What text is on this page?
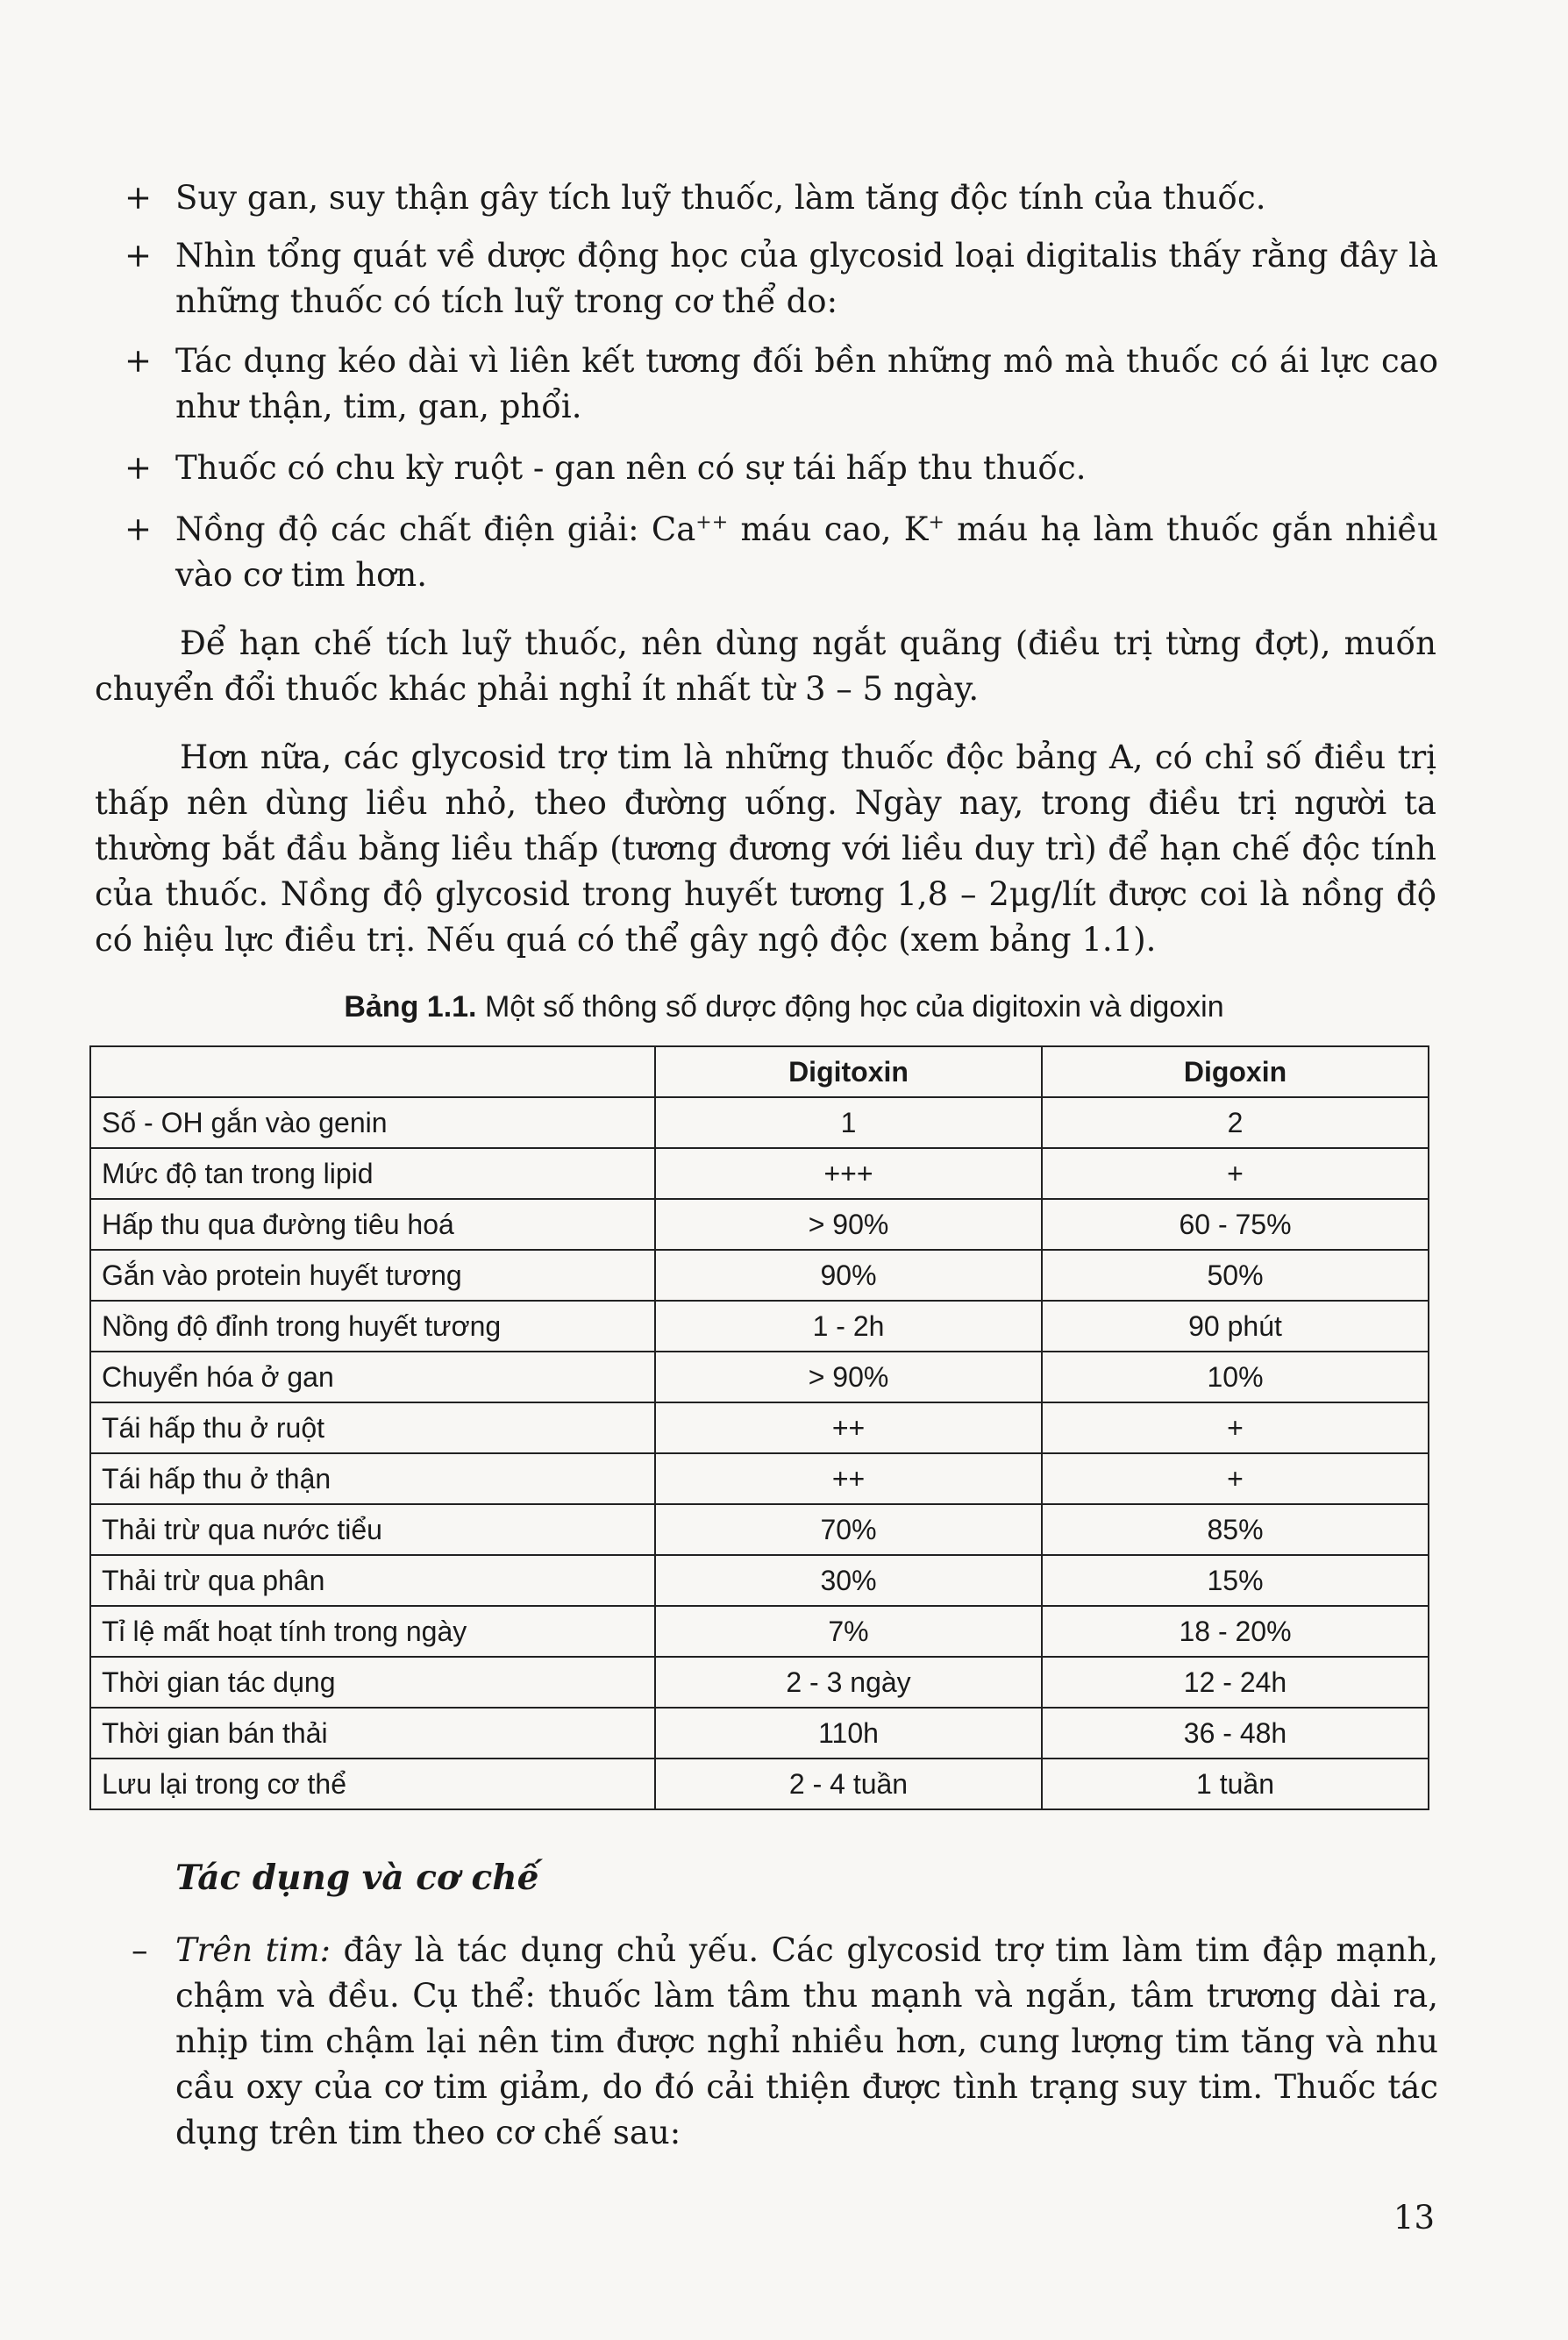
+ Suy gan, suy thận gây tích luỹ thuốc, làm tăng độc tính của thuốc.
+ Nhìn tổng quát về dược động học của glycosid loại digitalis thấy rằng đây là những thuốc có tích luỹ trong cơ thể do:
+ Tác dụng kéo dài vì liên kết tương đối bền những mô mà thuốc có ái lực cao như thận, tim, gan, phổi.
+ Thuốc có chu kỳ ruột - gan nên có sự tái hấp thu thuốc.
+ Nồng độ các chất điện giải: Ca++ máu cao, K+ máu hạ làm thuốc gắn nhiều vào cơ tim hơn.
Để hạn chế tích luỹ thuốc, nên dùng ngắt quãng (điều trị từng đợt), muốn chuyển đổi thuốc khác phải nghỉ ít nhất từ 3 – 5 ngày.
Hơn nữa, các glycosid trợ tim là những thuốc độc bảng A, có chỉ số điều trị thấp nên dùng liều nhỏ, theo đường uống. Ngày nay, trong điều trị người ta thường bắt đầu bằng liều thấp (tương đương với liều duy trì) để hạn chế độc tính của thuốc. Nồng độ glycosid trong huyết tương 1,8 – 2μg/lít được coi là nồng độ có hiệu lực điều trị. Nếu quá có thể gây ngộ độc (xem bảng 1.1).
Bảng 1.1. Một số thông số dược động học của digitoxin và digoxin
	Digitoxin	Digoxin
Số - OH gắn vào genin	1	2
Mức độ tan trong lipid	+++	+
Hấp thu qua đường tiêu hoá	> 90%	60 - 75%
Gắn vào protein huyết tương	90%	50%
Nồng độ đỉnh trong huyết tương	1 - 2h	90 phút
Chuyển hóa ở gan	> 90%	10%
Tái hấp thu ở ruột	++	+
Tái hấp thu ở thận	++	+
Thải trừ qua nước tiểu	70%	85%
Thải trừ qua phân	30%	15%
Tỉ lệ mất hoạt tính trong ngày	7%	18 - 20%
Thời gian tác dụng	2 - 3 ngày	12 - 24h
Thời gian bán thải	110h	36 - 48h
Lưu lại trong cơ thể	2 - 4 tuần	1 tuần
Tác dụng và cơ chế
– Trên tim: đây là tác dụng chủ yếu. Các glycosid trợ tim làm tim đập mạnh, chậm và đều. Cụ thể: thuốc làm tâm thu mạnh và ngắn, tâm trương dài ra, nhịp tim chậm lại nên tim được nghỉ nhiều hơn, cung lượng tim tăng và nhu cầu oxy của cơ tim giảm, do đó cải thiện được tình trạng suy tim. Thuốc tác dụng trên tim theo cơ chế sau:
13
